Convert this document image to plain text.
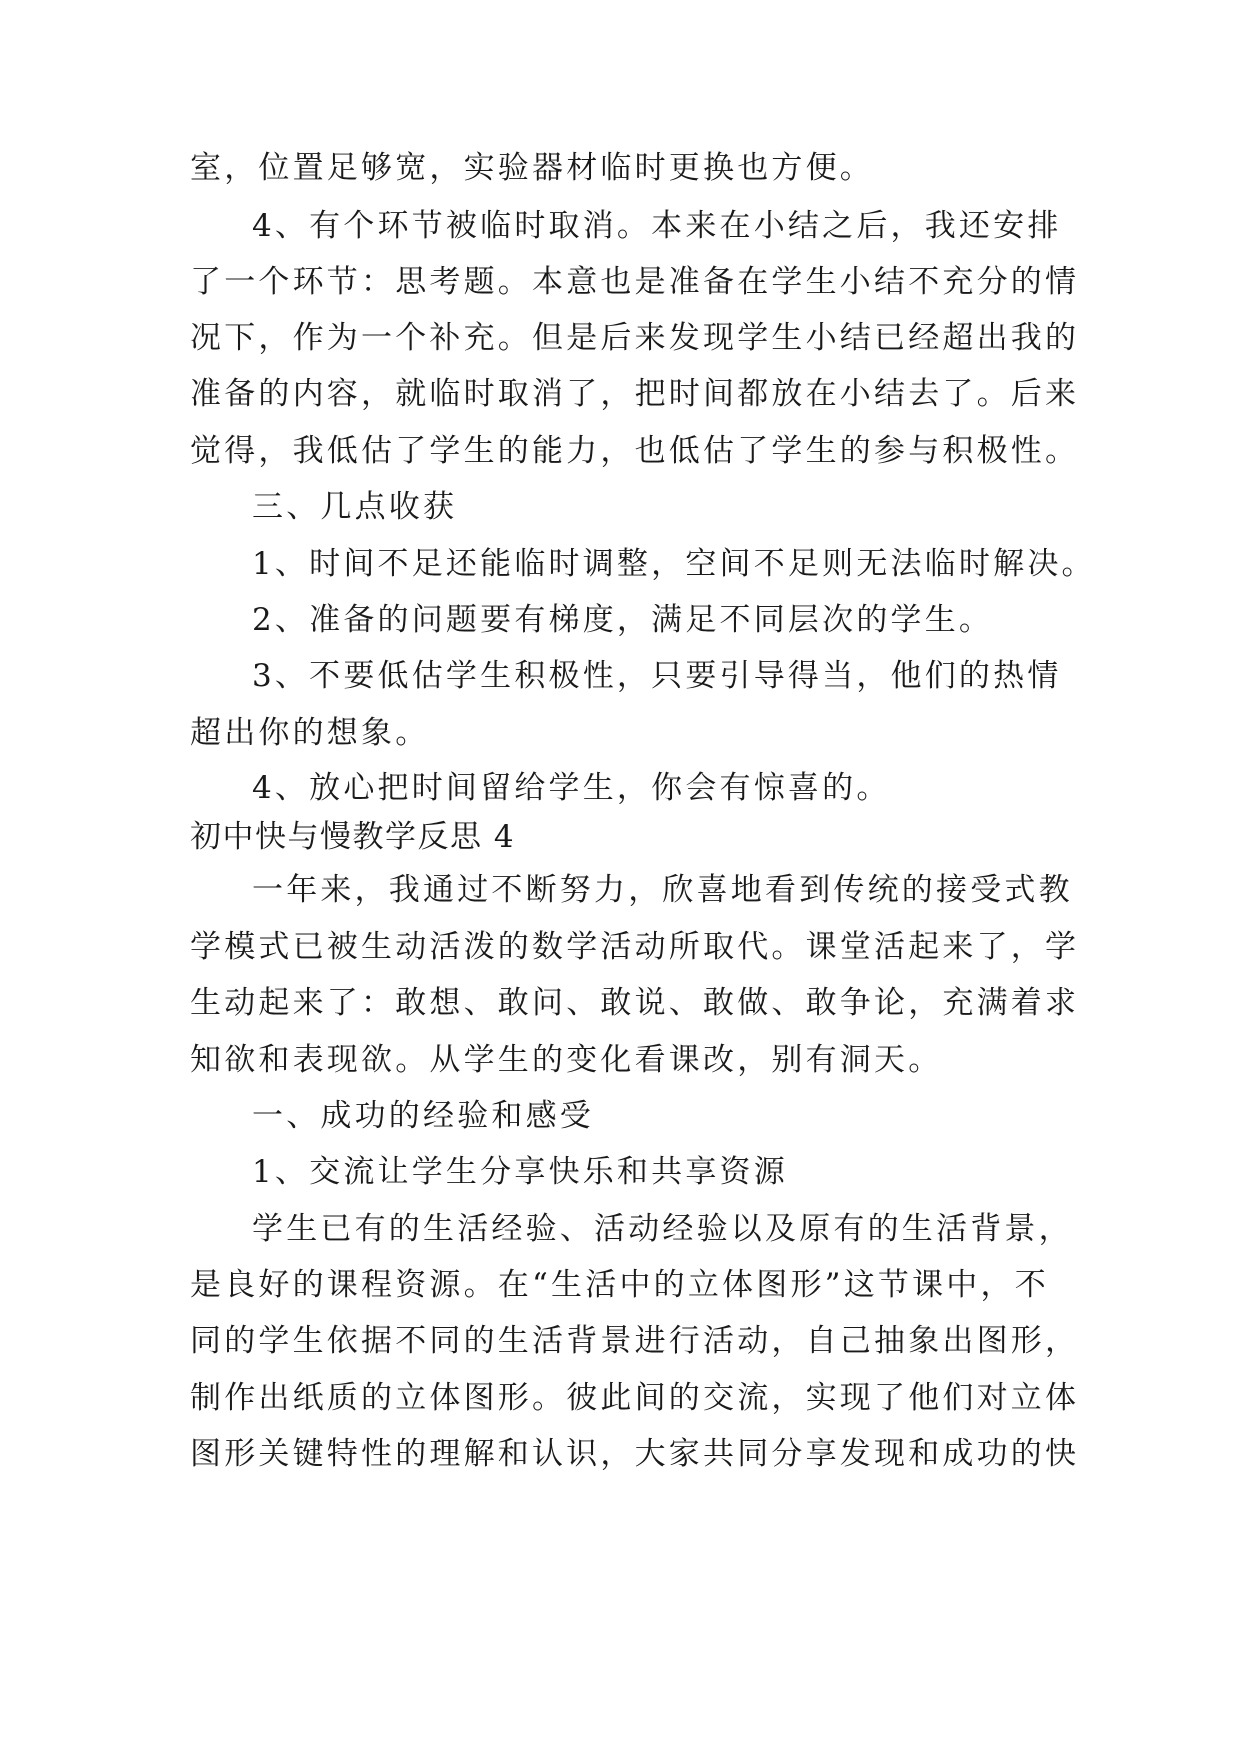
室，位置足够宽，实验器材临时更换也方便。
4、有个环节被临时取消。本来在小结之后，我还安排
了一个环节：思考题。本意也是准备在学生小结不充分的情
况下，作为一个补充。但是后来发现学生小结已经超出我的
准备的内容，就临时取消了，把时间都放在小结去了。后来
觉得，我低估了学生的能力，也低估了学生的参与积极性。
三、几点收获
1、时间不足还能临时调整，空间不足则无法临时解决。
2、准备的问题要有梯度，满足不同层次的学生。
3、不要低估学生积极性，只要引导得当，他们的热情
超出你的想象。
4、放心把时间留给学生，你会有惊喜的。
初中快与慢教学反思 4
一年来，我通过不断努力，欣喜地看到传统的接受式教
学模式已被生动活泼的数学活动所取代。课堂活起来了，学
生动起来了：敢想、敢问、敢说、敢做、敢争论，充满着求
知欲和表现欲。从学生的变化看课改，别有洞天。
一、成功的经验和感受
1、交流让学生分享快乐和共享资源
学生已有的生活经验、活动经验以及原有的生活背景，
是良好的课程资源。在“生活中的立体图形”这节课中，不
同的学生依据不同的生活背景进行活动，自己抽象出图形，
制作出纸质的立体图形。彼此间的交流，实现了他们对立体
图形关键特性的理解和认识，大家共同分享发现和成功的快
